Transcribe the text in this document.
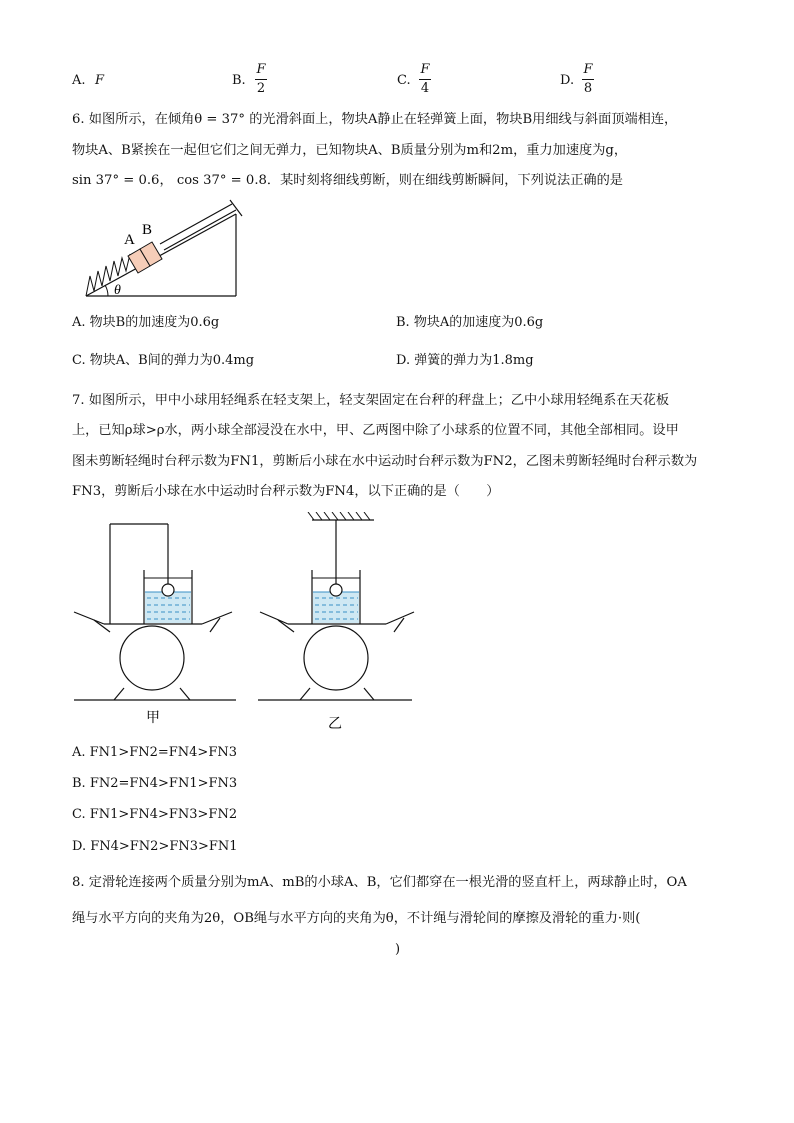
A. F	B.
F
2
C.
F
4
D.
F
8
6. 如图所示，在倾角θ = 37° 的光滑斜面上，物块A静止在轻弹簧上面，物块B用细线与斜面顶端相连，
物块A、B紧挨在一起但它们之间无弹力，已知物块A、B质量分别为m和2m，重力加速度为g，
sin 37° = 0.6， cos 37° = 0.8．某时刻将细线剪断，则在细线剪断瞬间，下列说法正确的是
A
B
θ
A. 物块B的加速度为0.6g	B. 物块A的加速度为0.6g
C. 物块A、B间的弹力为0.4mg	D. 弹簧的弹力为1.8mg
7. 如图所示，甲中小球用轻绳系在轻支架上，轻支架固定在台秤的秤盘上；乙中小球用轻绳系在天花板
上，已知ρ球>ρ水，两小球全部浸没在水中，甲、乙两图中除了小球系的位置不同，其他全部相同。设甲
图未剪断轻绳时台秤示数为FN1，剪断后小球在水中运动时台秤示数为FN2，乙图未剪断轻绳时台秤示数为
FN3，剪断后小球在水中运动时台秤示数为FN4，以下正确的是（　　）
甲	乙
A. FN1>FN2=FN4>FN3
B. FN2=FN4>FN1>FN3
C. FN1>FN4>FN3>FN2
D. FN4>FN2>FN3>FN1
8. 定滑轮连接两个质量分别为mA、mB的小球A、B，它们都穿在一根光滑的竖直杆上，两球静止时，OA
绳与水平方向的夹角为2θ，OB绳与水平方向的夹角为θ，不计绳与滑轮间的摩擦及滑轮的重力·则(
)
